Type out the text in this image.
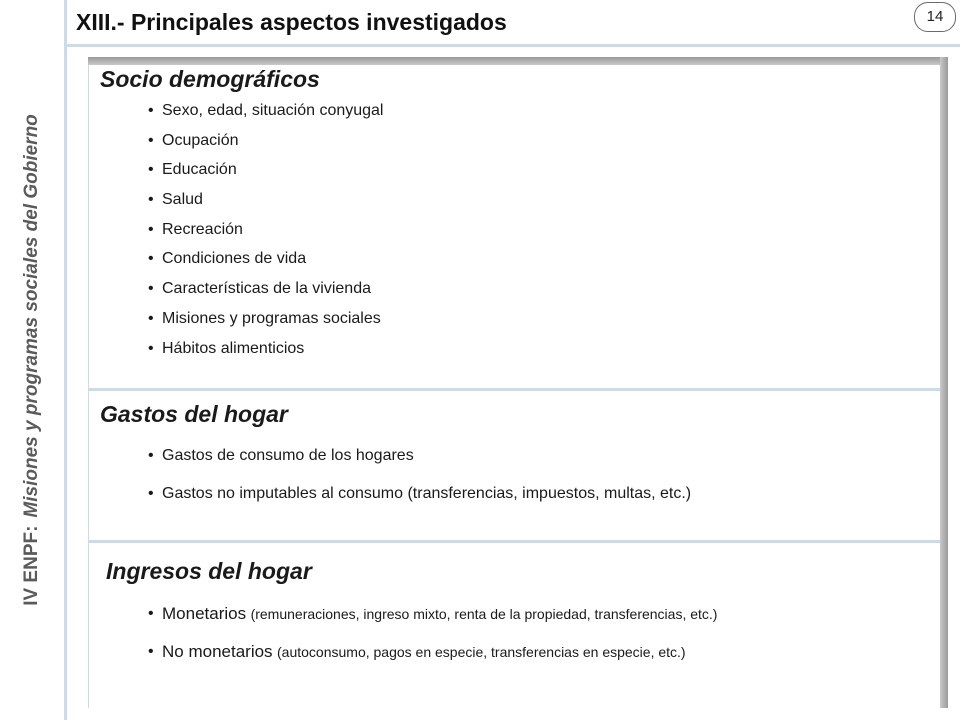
IV ENPF:Misiones y programas sociales del Gobierno
XIII.- Principales aspectos investigados	14
Socio demográficos
• Sexo, edad, situación conyugal
• Ocupación
• Educación
• Salud
• Recreación
• Condiciones de vida
• Características de la vivienda
• Misiones y programas sociales
• Hábitos alimenticios
Gastos del hogar
• Gastos de consumo de los hogares
• Gastos no imputables al consumo (transferencias, impuestos, multas, etc.)
Ingresos del hogar
• Monetarios (remuneraciones, ingreso mixto, renta de la propiedad, transferencias, etc.)
• No monetarios (autoconsumo, pagos en especie, transferencias en especie, etc.)
